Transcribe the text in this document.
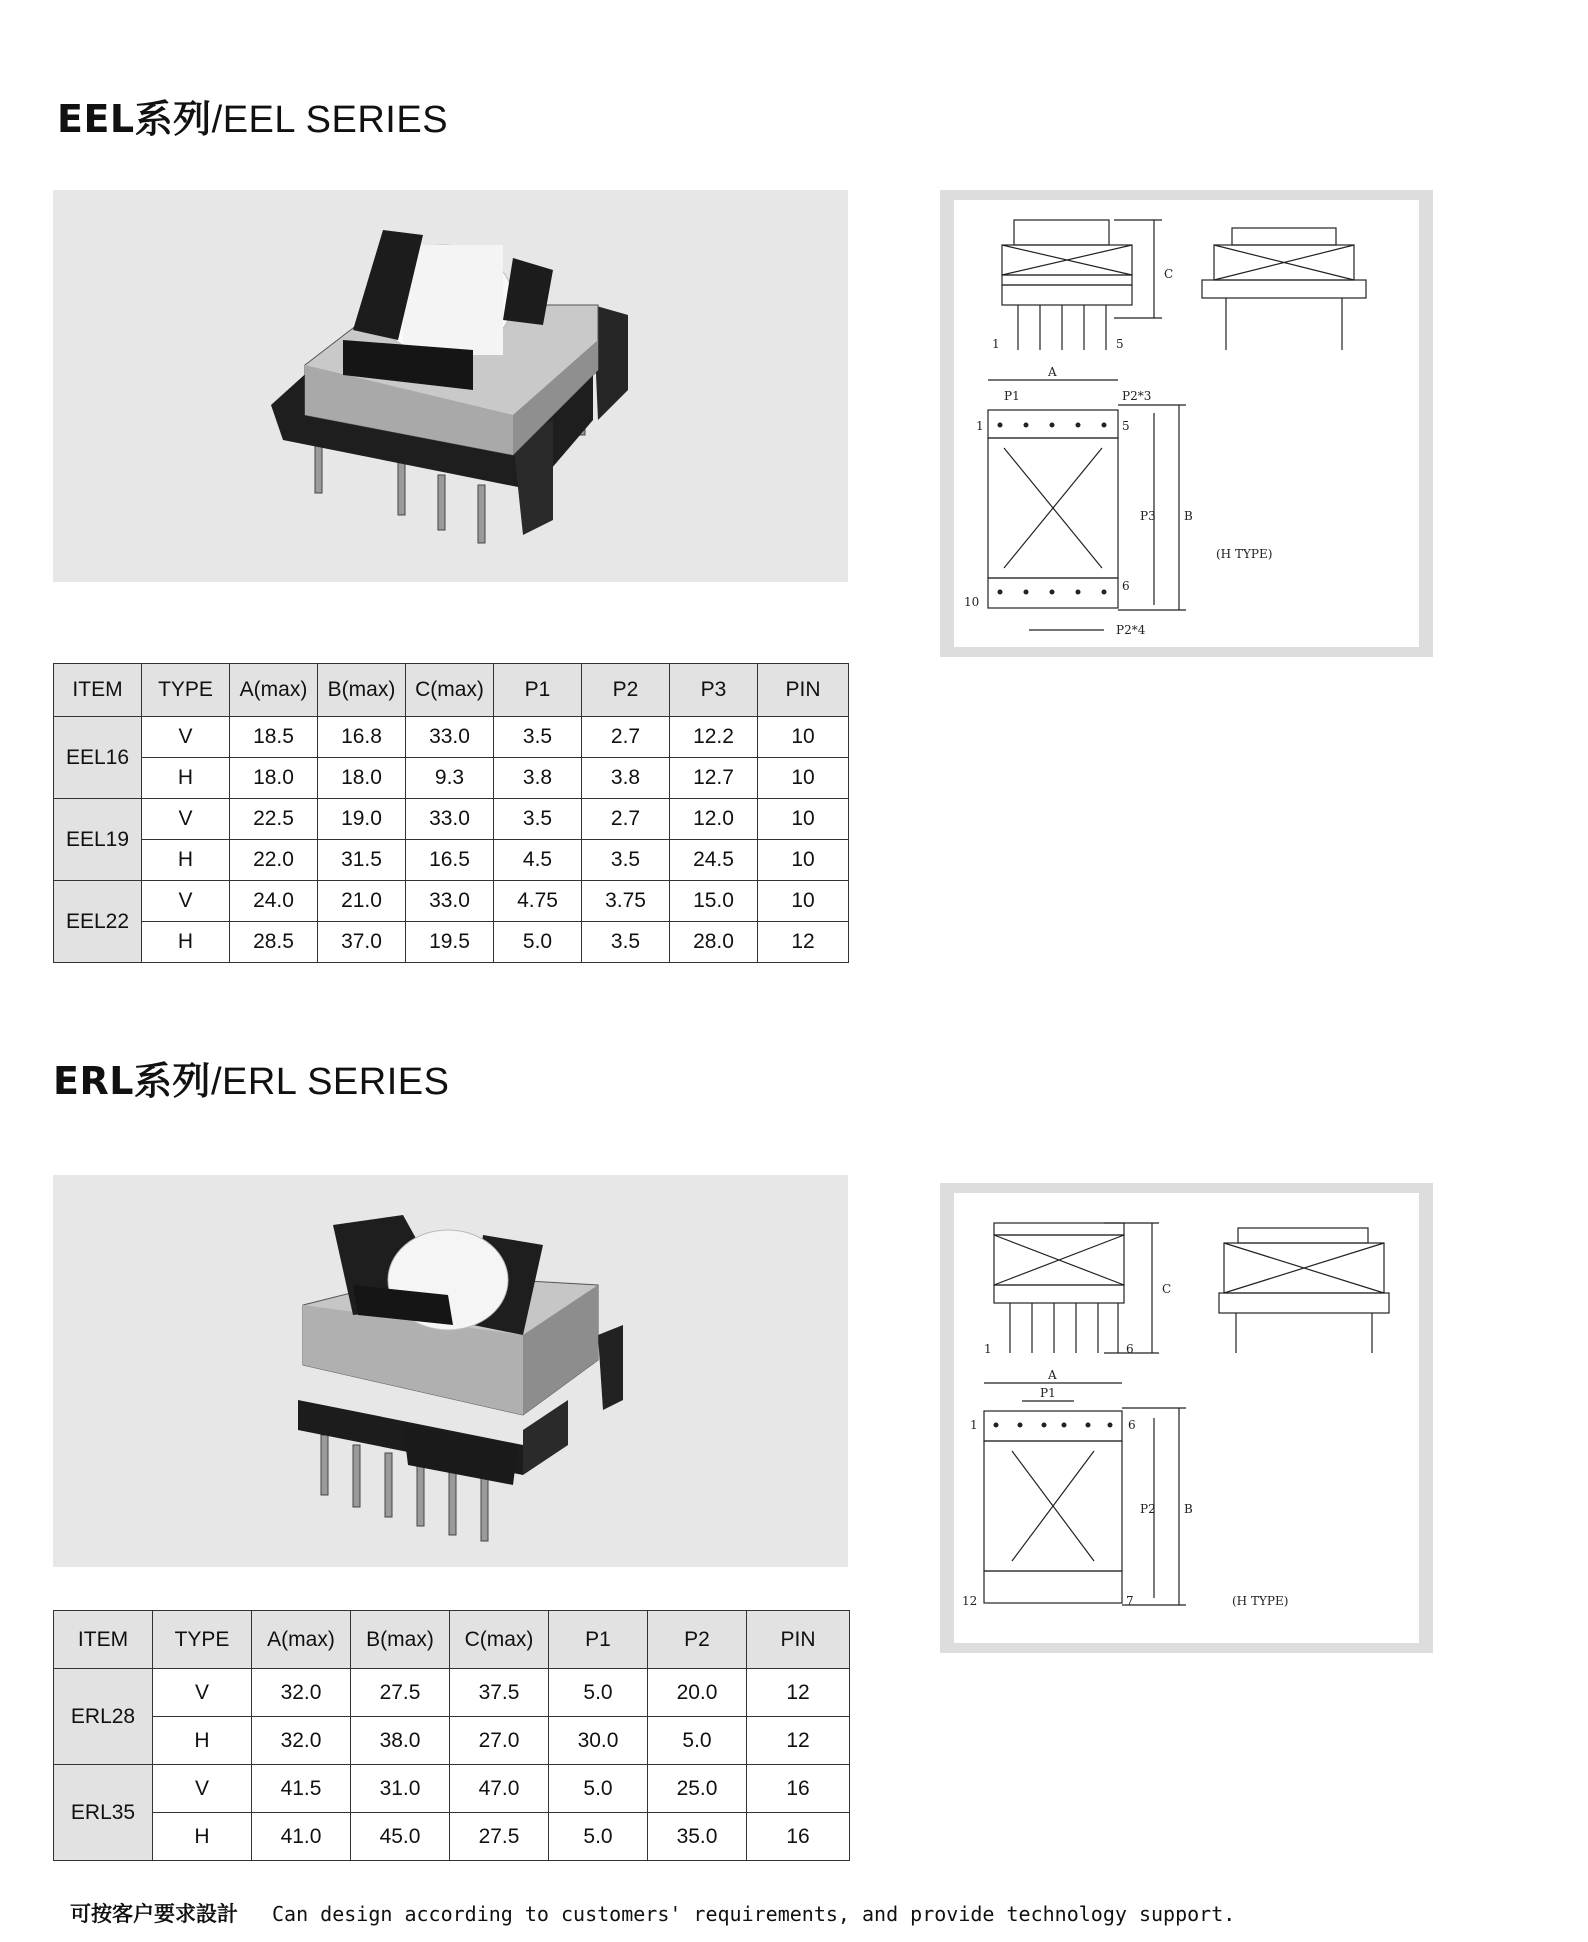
EEL系列/EEL SERIES
C
1	5
A
P1	P2*3
1	5
P3 B
(H TYPE)
6
10
P2*4
ITEM	TYPE	A(max)	B(max)	C(max)	P1	P2	P3	PIN
EEL16	V	18.5	16.8	33.0	3.5	2.7	12.2	10
	H	18.0	18.0	9.3	3.8	3.8	12.7	10
EEL19	V	22.5	19.0	33.0	3.5	2.7	12.0	10
	H	22.0	31.5	16.5	4.5	3.5	24.5	10
EEL22	V	24.0	21.0	33.0	4.75	3.75	15.0	10
	H	28.5	37.0	19.5	5.0	3.5	28.0	12
ERL系列/ERL SERIES
C
1	6
A
P1
1	6
P2 B
(H TYPE)
12	7
ITEM	TYPE	A(max)	B(max)	C(max)	P1	P2	PIN
ERL28	V	32.0	27.5	37.5	5.0	20.0	12
	H	32.0	38.0	27.0	30.0	5.0	12
ERL35	V	41.5	31.0	47.0	5.0	25.0	16
	H	41.0	45.0	27.5	5.0	35.0	16
可按客户要求設計 Can design according to customers' requirements, and provide technology support.
